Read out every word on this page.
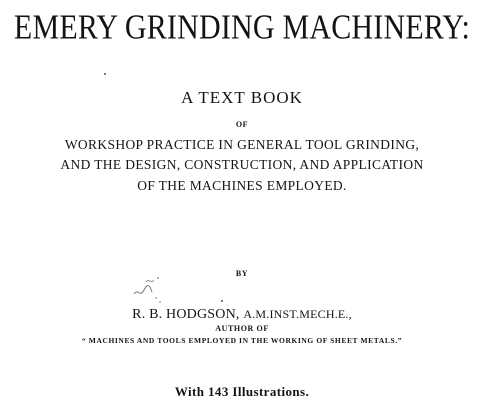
EMERY GRINDING MACHINERY:
A TEXT BOOK
OF
WORKSHOP PRACTICE IN GENERAL TOOL GRINDING,
AND THE DESIGN, CONSTRUCTION, AND APPLICATION
OF THE MACHINES EMPLOYED.
BY
R. B. HODGSON, A.M.INST.MECH.E.,
AUTHOR OF
“ MACHINES AND TOOLS EMPLOYED IN THE WORKING OF SHEET METALS.”
With 143 Illustrations.
